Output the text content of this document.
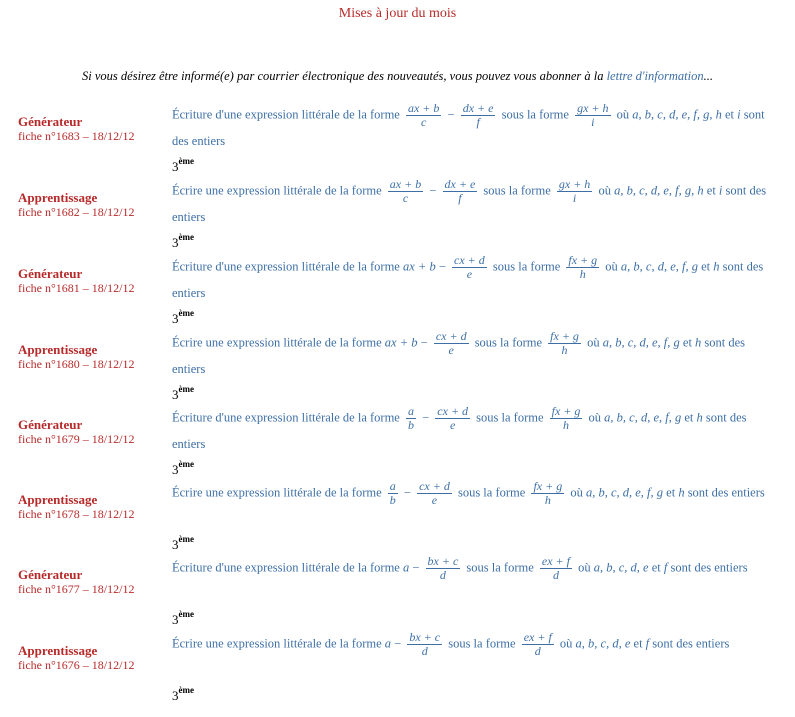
Mises à jour du mois
Si vous désirez être informé(e) par courrier électronique des nouveautés, vous pouvez vous abonner à la lettre d'information...
Générateur
fiche n°1683 – 18/12/12
Écriture d'une expression littérale de la forme $\frac{ax + b}{c} - \frac{dx + e}{f}$ sous la forme $\frac{gx + h}{i}$ où a, b, c, d, e, f, g, h et i sont des entiers
3ème
Apprentissage
fiche n°1682 – 18/12/12
Écrire une expression littérale de la forme $\frac{ax + b}{c} - \frac{dx + e}{f}$ sous la forme $\frac{gx + h}{i}$ où a, b, c, d, e, f, g, h et i sont des entiers
3ème
Générateur
fiche n°1681 – 18/12/12
Écriture d'une expression littérale de la forme ax + $b - \frac{cx + d}{e}$ sous la forme $\frac{fx + g}{h}$ où a, b, c, d, e, f, g et h sont des entiers
3ème
Apprentissage
fiche n°1680 – 18/12/12
Écrire une expression littérale de la forme ax + $b - \frac{cx + d}{e}$ sous la forme $\frac{fx + g}{h}$ où a, b, c, d, e, f, g et h sont des entiers
3ème
Générateur
fiche n°1679 – 18/12/12
Écriture d'une expression littérale de la forme $\frac{a}{b} - \frac{cx + d}{e}$ sous la forme $\frac{fx + g}{h}$ où a, b, c, d, e, f, g et h sont des entiers
3ème
Apprentissage
fiche n°1678 – 18/12/12
Écrire une expression littérale de la forme $\frac{a}{b} - \frac{cx + d}{e}$ sous la forme $\frac{fx + g}{h}$ où a, b, c, d, e, f, g et h sont des entiers
3ème
Générateur
fiche n°1677 – 18/12/12
Écriture d'une expression littérale de la forme $a - \frac{bx + c}{d}$ sous la forme $\frac{ex + f}{d}$ où a, b, c, d, e et f sont des entiers
3ème
Apprentissage
fiche n°1676 – 18/12/12
Écrire une expression littérale de la forme $a - \frac{bx + c}{d}$ sous la forme $\frac{ex + f}{d}$ où a, b, c, d, e et f sont des entiers
3ème
